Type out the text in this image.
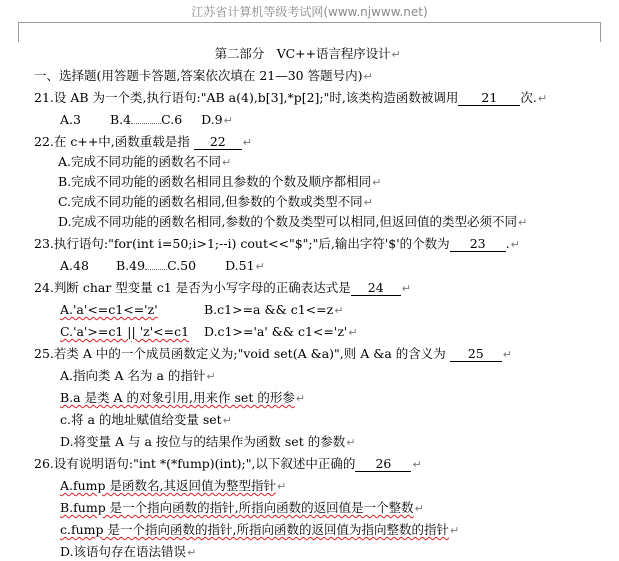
江苏省计算机等级考试网(www.njwww.net)
第二部分　VC++语言程序设计↵
一、选择题(用答题卡答题,答案依次填在 21—30 答题号内)↵
21.设 AB 为一个类,执行语句:"AB a(4),b[3],*p[2];"时,该类构造函数被调用 21 次.↵
A.3 B.4 C.6 D.9↵
22.在 c++中,函数重载是指 22 ↵
A.完成不同功能的函数名不同↵
B.完成不同功能的函数名相同且参数的个数及顺序都相同↵
C.完成不同功能的函数名相同,但参数的个数或类型不同↵
D.完成不同功能的函数名相同,参数的个数及类型可以相同,但返回值的类型必须不同↵
23.执行语句:"for(int i=50;i>1;--i) cout<<"$";"后,输出字符'$'的个数为 23 .↵
A.48 B.49 C.50 D.51↵
24.判断 char 型变量 c1 是否为小写字母的正确表达式是 24 ↵
A.'a'<=c1<='z'	B.c1>=a && c1<=z↵
C.'a'>=c1 || 'z'<=c1 D.c1>='a' && c1<='z'↵
25.若类 A 中的一个成员函数定义为;"void set(A &a)",则 A &a 的含义为 25 ↵
A.指向类 A 名为 a 的指针↵
B.a 是类 A 的对象引用,用来作 set 的形参↵
c.将 a 的地址赋值给变量 set↵
D.将变量 A 与 a 按位与的结果作为函数 set 的参数↵
26.设有说明语句:"int *(*fump)(int);",以下叙述中正确的 26 ↵
A.fump 是函数名,其返回值为整型指针↵
B.fump 是一个指向函数的指针,所指向函数的返回值是一个整数↵
c.fump 是一个指向函数的指针,所指向函数的返回值为指向整数的指针↵
D.该语句存在语法错误↵
